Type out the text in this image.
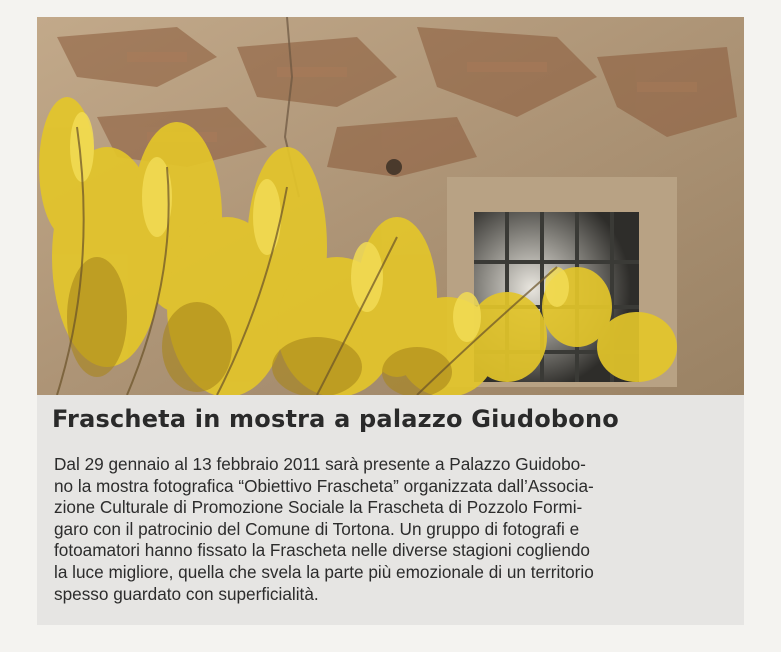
Frascheta in mostra a palazzo Giudobono

Dal 29 gennaio al 13 febbraio 2011 sarà presente a Palazzo Guidobo-
no la mostra fotografica “Obiettivo Frascheta” organizzata dall’Associa-
zione Culturale di Promozione Sociale la Frascheta di Pozzolo Formi-
garo con il patrocinio del Comune di Tortona. Un gruppo di fotografi e
fotoamatori hanno fissato la Frascheta nelle diverse stagioni cogliendo
la luce migliore, quella che svela la parte più emozionale di un territorio
spesso guardato con superficialità.
